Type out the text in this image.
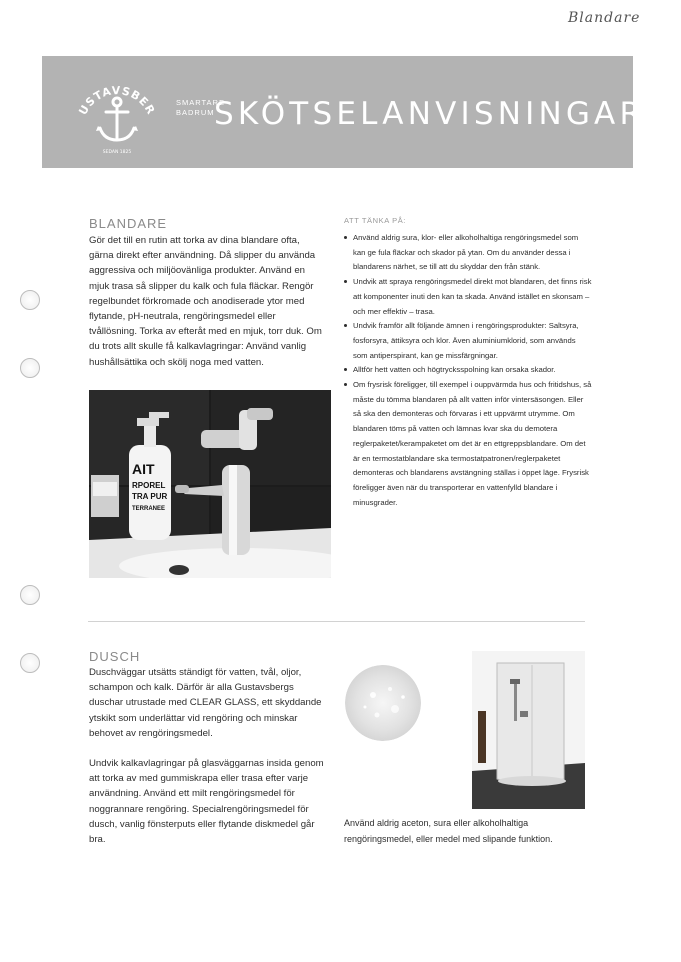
Blandare
USTAVSBER
SEDAN 1825
SMARTARE
BADRUM SKÖTSELANVISNINGAR
BLANDARE

Gör det till en rutin att torka av dina blandare ofta, gärna direkt efter användning. Då slipper du använda aggressiva och miljöovänliga produkter. Använd en mjuk trasa så slipper du kalk och fula fläckar. Rengör regelbundet förkromade och anodiserade ytor med flytande, pH-neutrala, rengöringsmedel eller tvållösning. Torka av efteråt med en mjuk, torr duk. Om du trots allt skulle få kalkavlagringar: Använd vanlig hushållsättika och skölj noga med vatten.

AIT
RPOREL
TRA PUR
TERRANEE
ATT TÄNKA PÅ:
Använd aldrig sura, klor- eller alkoholhaltiga rengöringsmedel som kan ge fula fläckar och skador på ytan. Om du använder dessa i blandarens närhet, se till att du skyddar den från stänk.
Undvik att spraya rengöringsmedel direkt mot blandaren, det finns risk att komponenter inuti den kan ta skada. Använd istället en skonsam – och mer effektiv – trasa.
Undvik framför allt följande ämnen i rengöringsprodukter: Saltsyra, fosforsyra, ättiksyra och klor. Även aluminiumklorid, som används som antiperspirant, kan ge missfärgningar.
Alltför hett vatten och högtrycksspolning kan orsaka skador.
Om frysrisk föreligger, till exempel i ouppvärmda hus och fritidshus, så måste du tömma blandaren på allt vatten inför vintersäsongen. Eller så ska den demonteras och förvaras i ett uppvärmt utrymme. Om blandaren töms på vatten och lämnas kvar ska du demotera reglerpaketet/kerampaketet om det är en ettgreppsblandare. Om det är en termostatblandare ska termostatpatronen/reglerpaketet demonteras och blandarens avstängning ställas i öppet läge. Frysrisk föreligger även när du transporterar en vattenfylld blandare i minusgrader.
DUSCH

Duschväggar utsätts ständigt för vatten, tvål, oljor, schampon och kalk. Därför är alla Gustavsbergs duschar utrustade med CLEAR GLASS, ett skyddande ytskikt som underlättar vid rengöring och minskar behovet av rengöringsmedel.

Undvik kalkavlagringar på glasväggarnas insida genom att torka av med gummiskrapa eller trasa efter varje användning. Använd ett milt rengöringsmedel för noggrannare rengöring. Specialrengöringsmedel för dusch, vanlig fönsterputs eller flytande diskmedel går bra.

Använd aldrig aceton, sura eller alkoholhaltiga rengöringsmedel, eller medel med slipande funktion.
